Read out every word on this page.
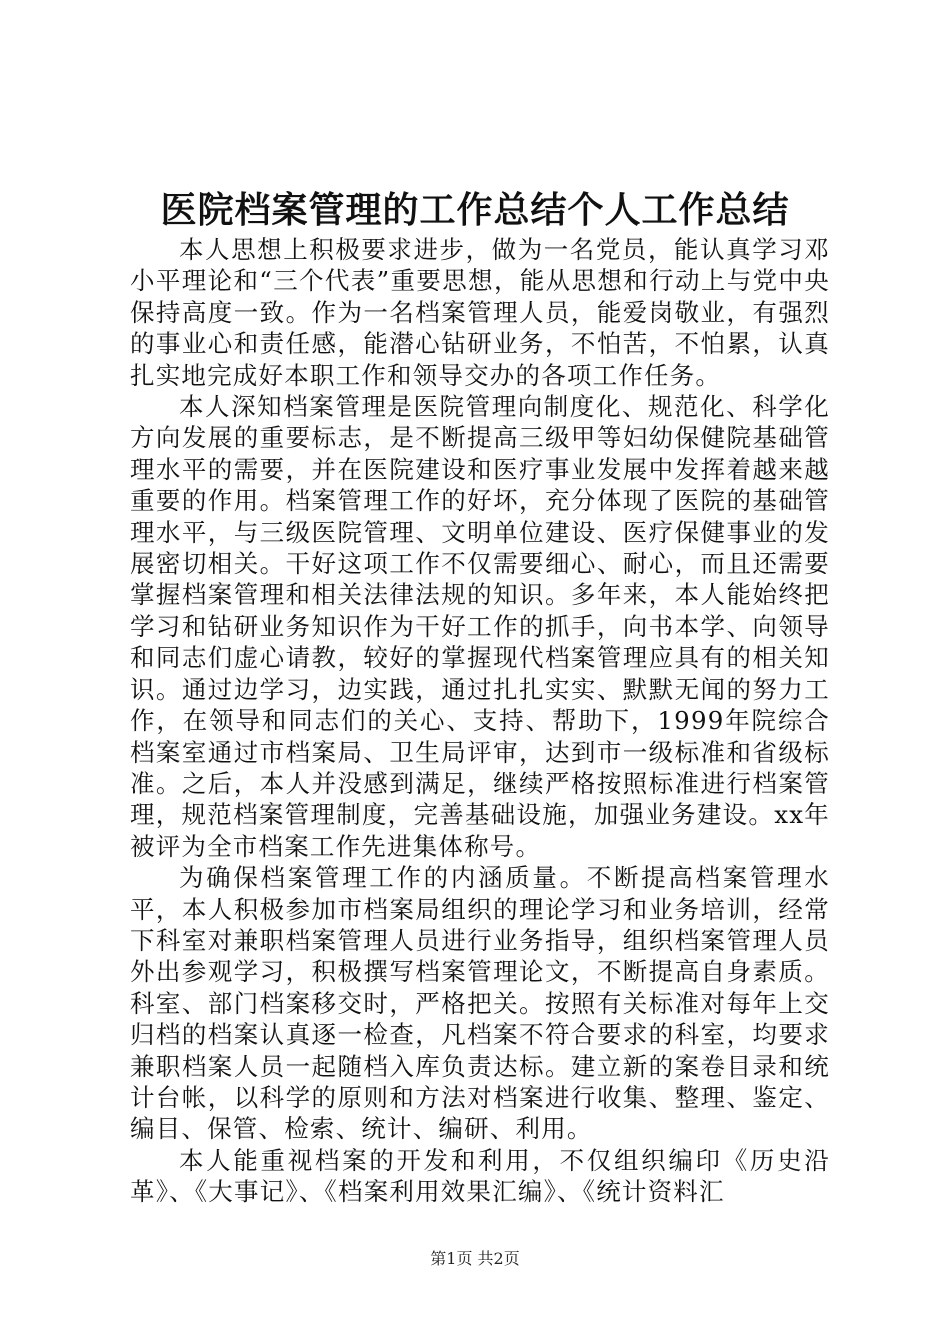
医院档案管理的工作总结个人工作总结

本人思想上积极要求进步，做为一名党员，能认真学习邓小平理论和“三个代表”重要思想，能从思想和行动上与党中央保持高度一致。作为一名档案管理人员，能爱岗敬业，有强烈的事业心和责任感，能潜心钻研业务，不怕苦，不怕累，认真扎实地完成好本职工作和领导交办的各项工作任务。

本人深知档案管理是医院管理向制度化、规范化、科学化方向发展的重要标志，是不断提高三级甲等妇幼保健院基础管理水平的需要，并在医院建设和医疗事业发展中发挥着越来越重要的作用。档案管理工作的好坏，充分体现了医院的基础管理水平，与三级医院管理、文明单位建设、医疗保健事业的发展密切相关。干好这项工作不仅需要细心、耐心，而且还需要掌握档案管理和相关法律法规的知识。多年来，本人能始终把学习和钻研业务知识作为干好工作的抓手，向书本学、向领导和同志们虚心请教，较好的掌握现代档案管理应具有的相关知识。通过边学习，边实践，通过扎扎实实、默默无闻的努力工作，在领导和同志们的关心、支持、帮助下，1999年院综合档案室通过市档案局、卫生局评审，达到市一级标准和省级标准。之后，本人并没感到满足，继续严格按照标准进行档案管理，规范档案管理制度，完善基础设施，加强业务建设。xx年被评为全市档案工作先进集体称号。

为确保档案管理工作的内涵质量。不断提高档案管理水平，本人积极参加市档案局组织的理论学习和业务培训，经常下科室对兼职档案管理人员进行业务指导，组织档案管理人员外出参观学习，积极撰写档案管理论文，不断提高自身素质。科室、部门档案移交时，严格把关。按照有关标准对每年上交归档的档案认真逐一检查，凡档案不符合要求的科室，均要求兼职档案人员一起随档入库负责达标。建立新的案卷目录和统计台帐，以科学的原则和方法对档案进行收集、整理、鉴定、编目、保管、检索、统计、编研、利用。

本人能重视档案的开发和利用，不仅组织编印《历史沿革》、《大事记》、《档案利用效果汇编》、《统计资料汇

第1页 共2页
